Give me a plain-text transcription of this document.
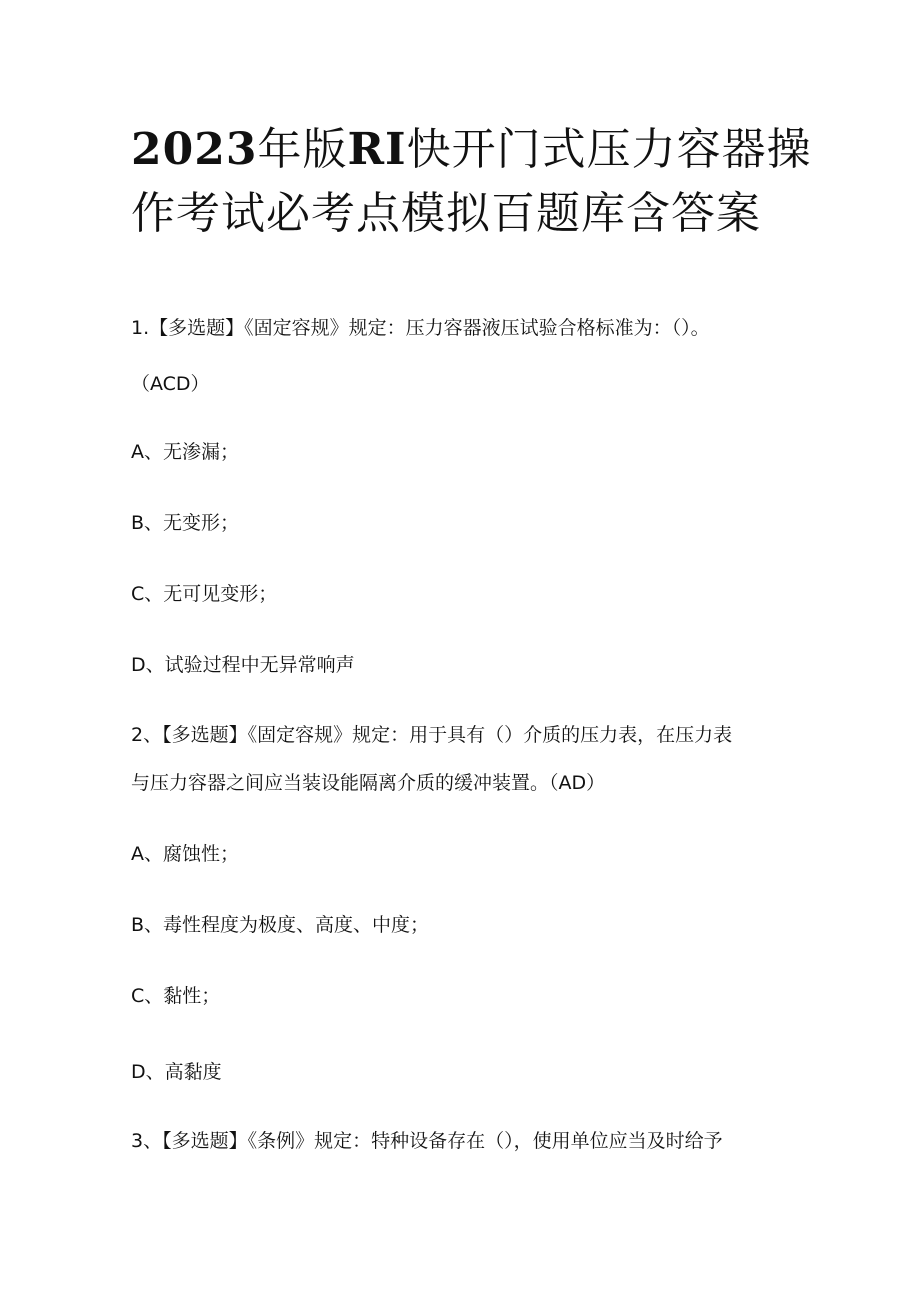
2023年版RI快开门式压力容器操
作考试必考点模拟百题库含答案

1.【多选题】《固定容规》规定：压力容器液压试验合格标准为：（）。

（ACD）

A、无渗漏；

B、无变形；

C、无可见变形；

D、试验过程中无异常响声

2、【多选题】《固定容规》规定：用于具有（）介质的压力表，在压力表

与压力容器之间应当装设能隔离介质的缓冲装置。（AD）

A、腐蚀性；

B、毒性程度为极度、高度、中度；

C、黏性；

D、高黏度

3、【多选题】《条例》规定：特种设备存在（），使用单位应当及时给予
